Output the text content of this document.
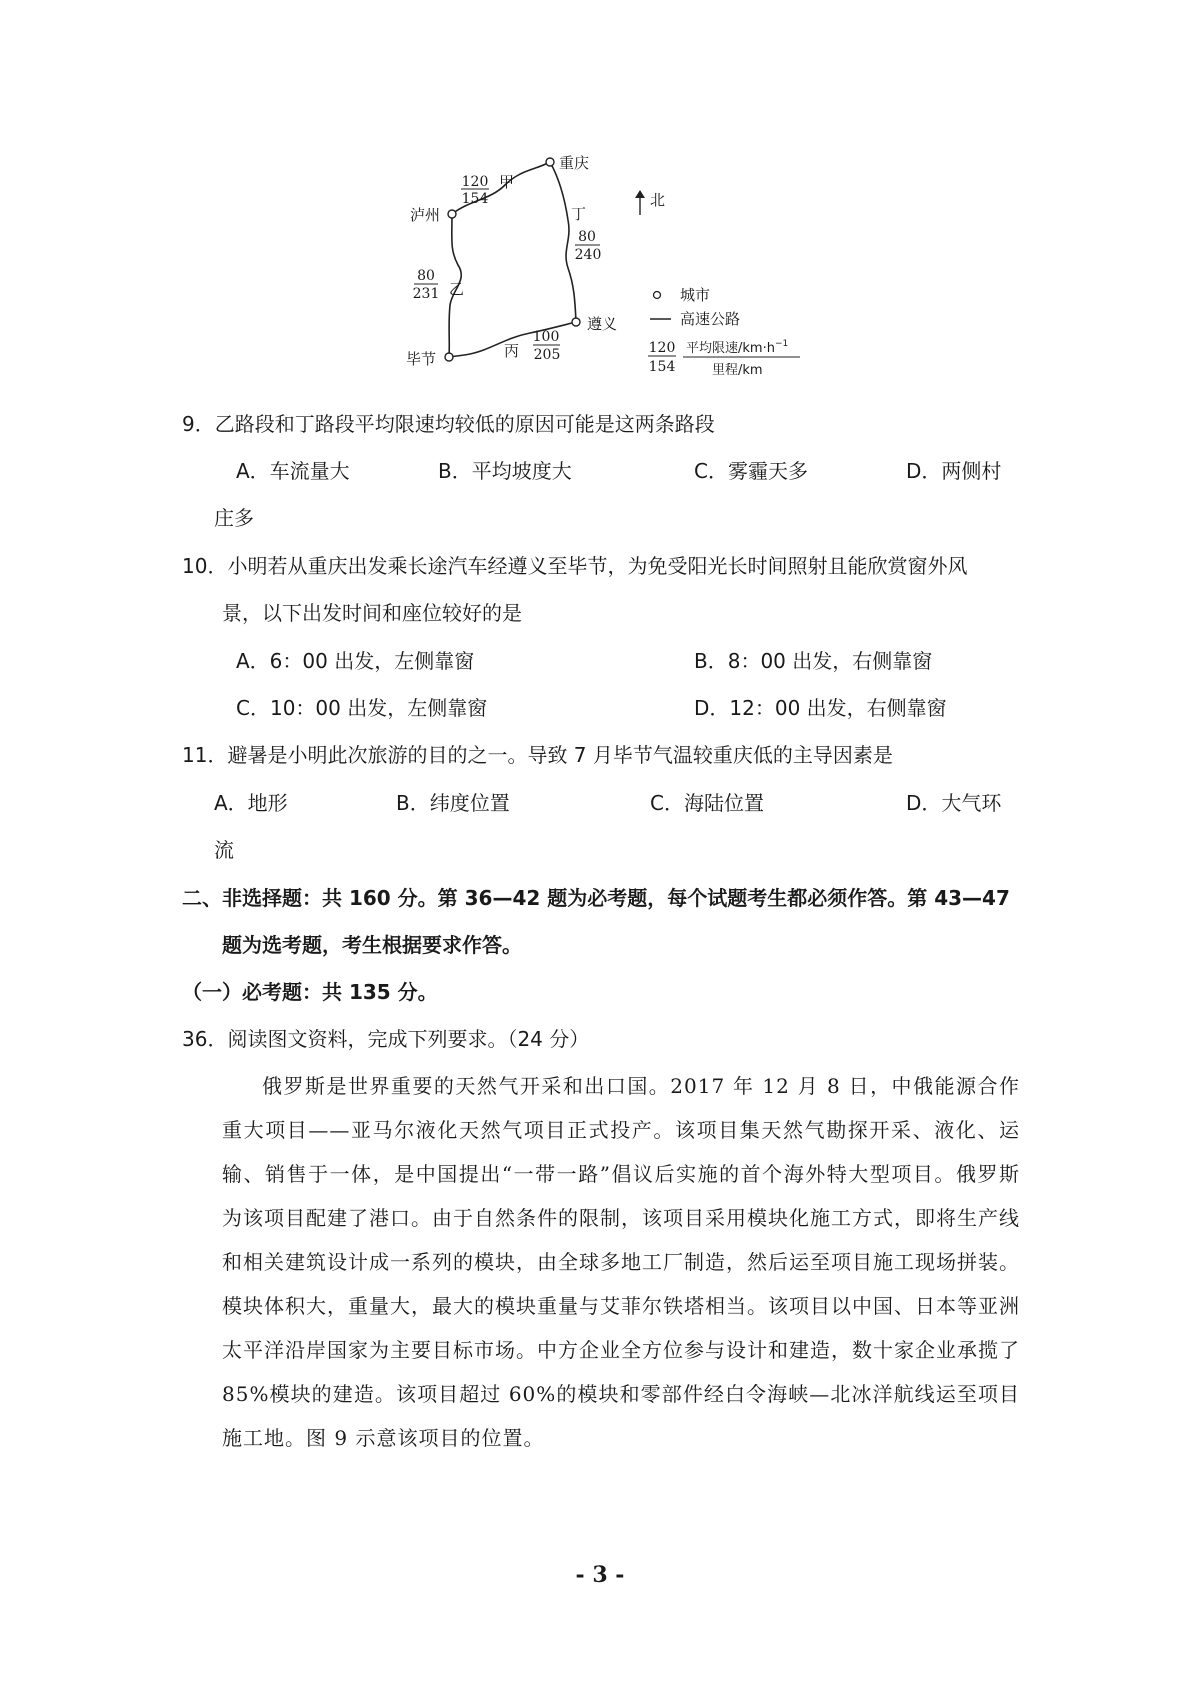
重庆
泸州
遵义
毕节
120
154
甲
丁
80
240
80
231 乙
丙
100
205
北
城市
高速公路
120
154
平均限速$/km\cdot h^{-1}$
里程/km
9．乙路段和丁路段平均限速均较低的原因可能是这两条路段
A．车流量大	B．平均坡度大	C．雾霾天多	D．两侧村
庄多
10．小明若从重庆出发乘长途汽车经遵义至毕节，为免受阳光长时间照射且能欣赏窗外风
景，以下出发时间和座位较好的是
A．6：00 出发，左侧靠窗	B．8：00 出发，右侧靠窗
C．10：00 出发，左侧靠窗	D．12：00 出发，右侧靠窗
11．避暑是小明此次旅游的目的之一。导致 7 月毕节气温较重庆低的主导因素是
A．地形	B．纬度位置	C．海陆位置	D．大气环
流
二、非选择题：共 160 分。第 36—42 题为必考题，每个试题考生都必须作答。第 43—47
题为选考题，考生根据要求作答。
（一）必考题：共 135 分。
36．阅读图文资料，完成下列要求。（24 分）
俄罗斯是世界重要的天然气开采和出口国。2017 年 12 月 8 日，中俄能源合作重大项目——亚马尔液化天然气项目正式投产。该项目集天然气勘探开采、液化、运输、销售于一体，是中国提出“一带一路”倡议后实施的首个海外特大型项目。俄罗斯为该项目配建了港口。由于自然条件的限制，该项目采用模块化施工方式，即将生产线和相关建筑设计成一系列的模块，由全球多地工厂制造，然后运至项目施工现场拼装。模块体积大，重量大，最大的模块重量与艾菲尔铁塔相当。该项目以中国、日本等亚洲太平洋沿岸国家为主要目标市场。中方企业全方位参与设计和建造，数十家企业承揽了 85%模块的建造。该项目超过 60%的模块和零部件经白令海峡—北冰洋航线运至项目施工地。图 9 示意该项目的位置。
- 3 -
